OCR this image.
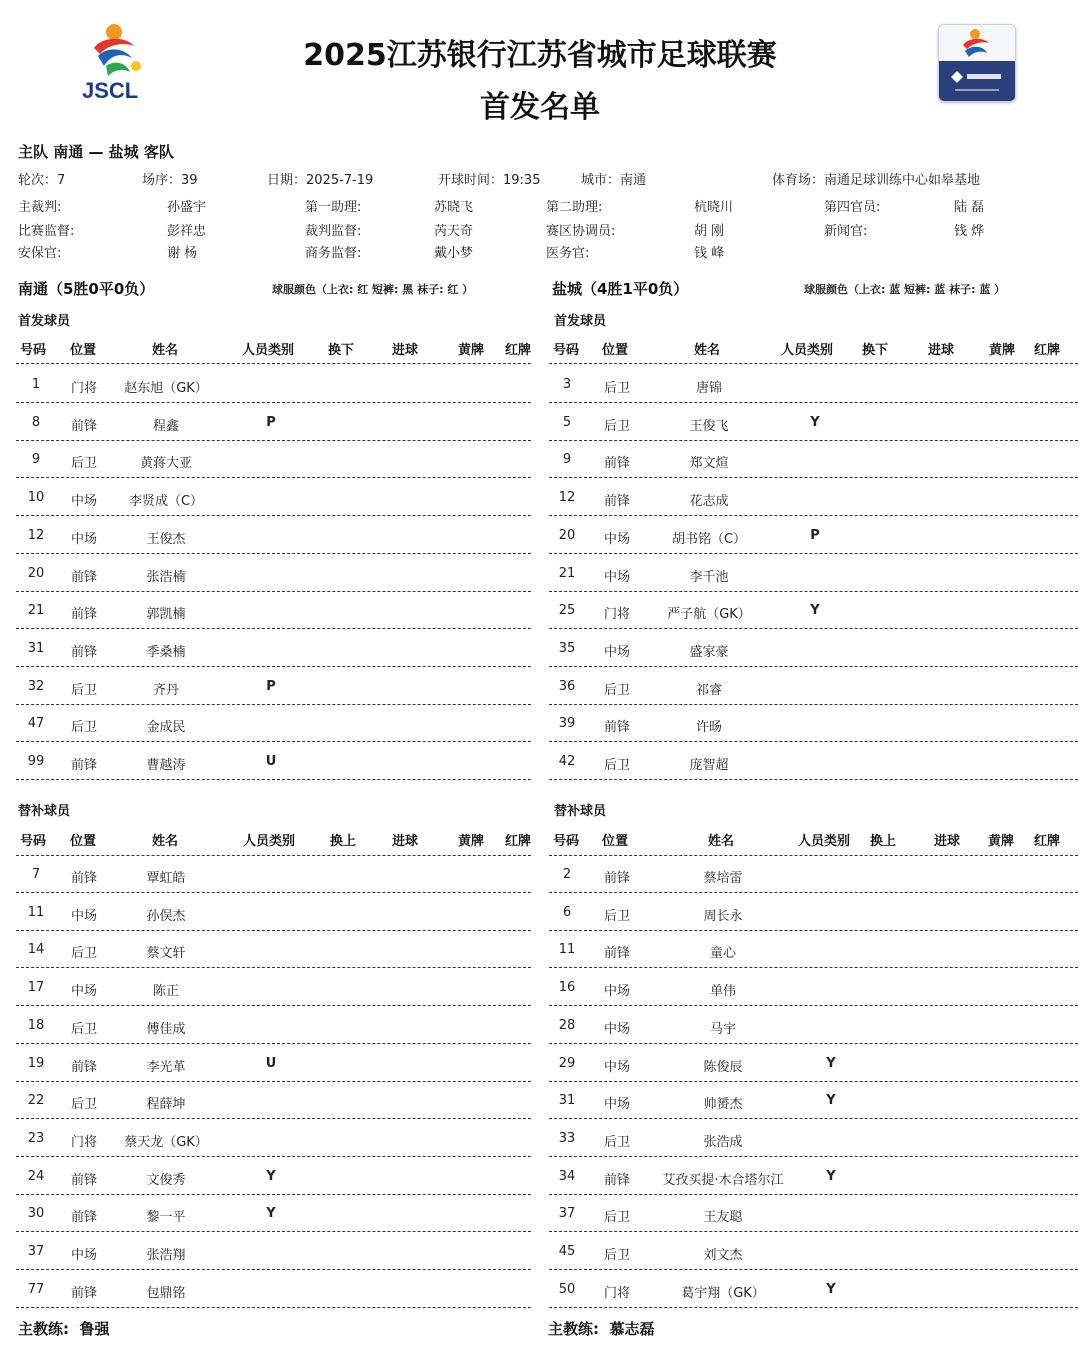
JSCL
2025江苏银行江苏省城市足球联赛
首发名单
主队 南通 — 盐城 客队
轮次：7	场序：39	日期：2025-7-19	开球时间：19:35	城市：南通	体育场：南通足球训练中心如皋基地
主裁判:	孙盛宇	第一助理:	苏晓飞	第二助理:	杭晓川	第四官员:	陆 磊
比赛监督:	彭祥忠	裁判监督:	芮天奇	赛区协调员:	胡 刚	新闻官:	钱 烨
安保官:	谢 杨	商务监督:	戴小梦	医务官:	钱 峰
南通（5胜0平0负）	球服颜色（上衣: 红 短裤: 黑 袜子: 红 ）	盐城（4胜1平0负）	球服颜色（上衣: 蓝 短裤: 蓝 袜子: 蓝 ）
首发球员	首发球员
替补球员	替补球员
号码 位置	姓名	人员类别	换下	进球	黄牌 红牌
1 门将 赵东旭（GK）
8 前锋	程鑫	P
9 后卫	黄蒋大亚
10 中场 李贤成（C）
12 中场	王俊杰
20 前锋	张浩楠
21 前锋	郭凯楠
31 前锋	季桑楠
32 后卫	齐丹	P
47 后卫	金成民
99 前锋	曹越涛	U
号码 位置	姓名	人员类别	换上	进球	黄牌 红牌
7 前锋	覃虹皓
11 中场	孙俣杰
14 后卫	蔡文轩
17 中场	陈正
18 后卫	傅佳成
19 前锋	李光革	U
22 后卫	程薛坤
23 门将 蔡天龙（GK）
24 前锋	文俊秀	Y
30 前锋	黎一平	Y
37 中场	张浩翔
77 前锋	包鼎铭
号码 位置	姓名	人员类别 换下	进球	黄牌 红牌
3	后卫	唐锦
5	后卫	王俊飞	Y
9	前锋	郑文煊
12 前锋	花志成
20 中场	胡书铭（C）	P
21 中场	李千池
25 门将	严子航（GK）	Y
35 中场	盛家豪
36 后卫	祁睿
39 前锋	许旸
42 后卫	庞智超
号码 位置	姓名	人员类别 换上	进球 黄牌 红牌
2	前锋	蔡培雷
6	后卫	周长永
11 前锋	童心
16 中场	单伟
28 中场	马宇
29 中场	陈俊辰	Y
31 中场	帅赟杰	Y
33 后卫	张浩成
34 前锋 艾孜买提·木合塔尔江	Y
37 后卫	王友聪
45 后卫	刘文杰
50 门将	葛宇翔（GK）	Y
主教练: 鲁强	主教练: 慕志磊
